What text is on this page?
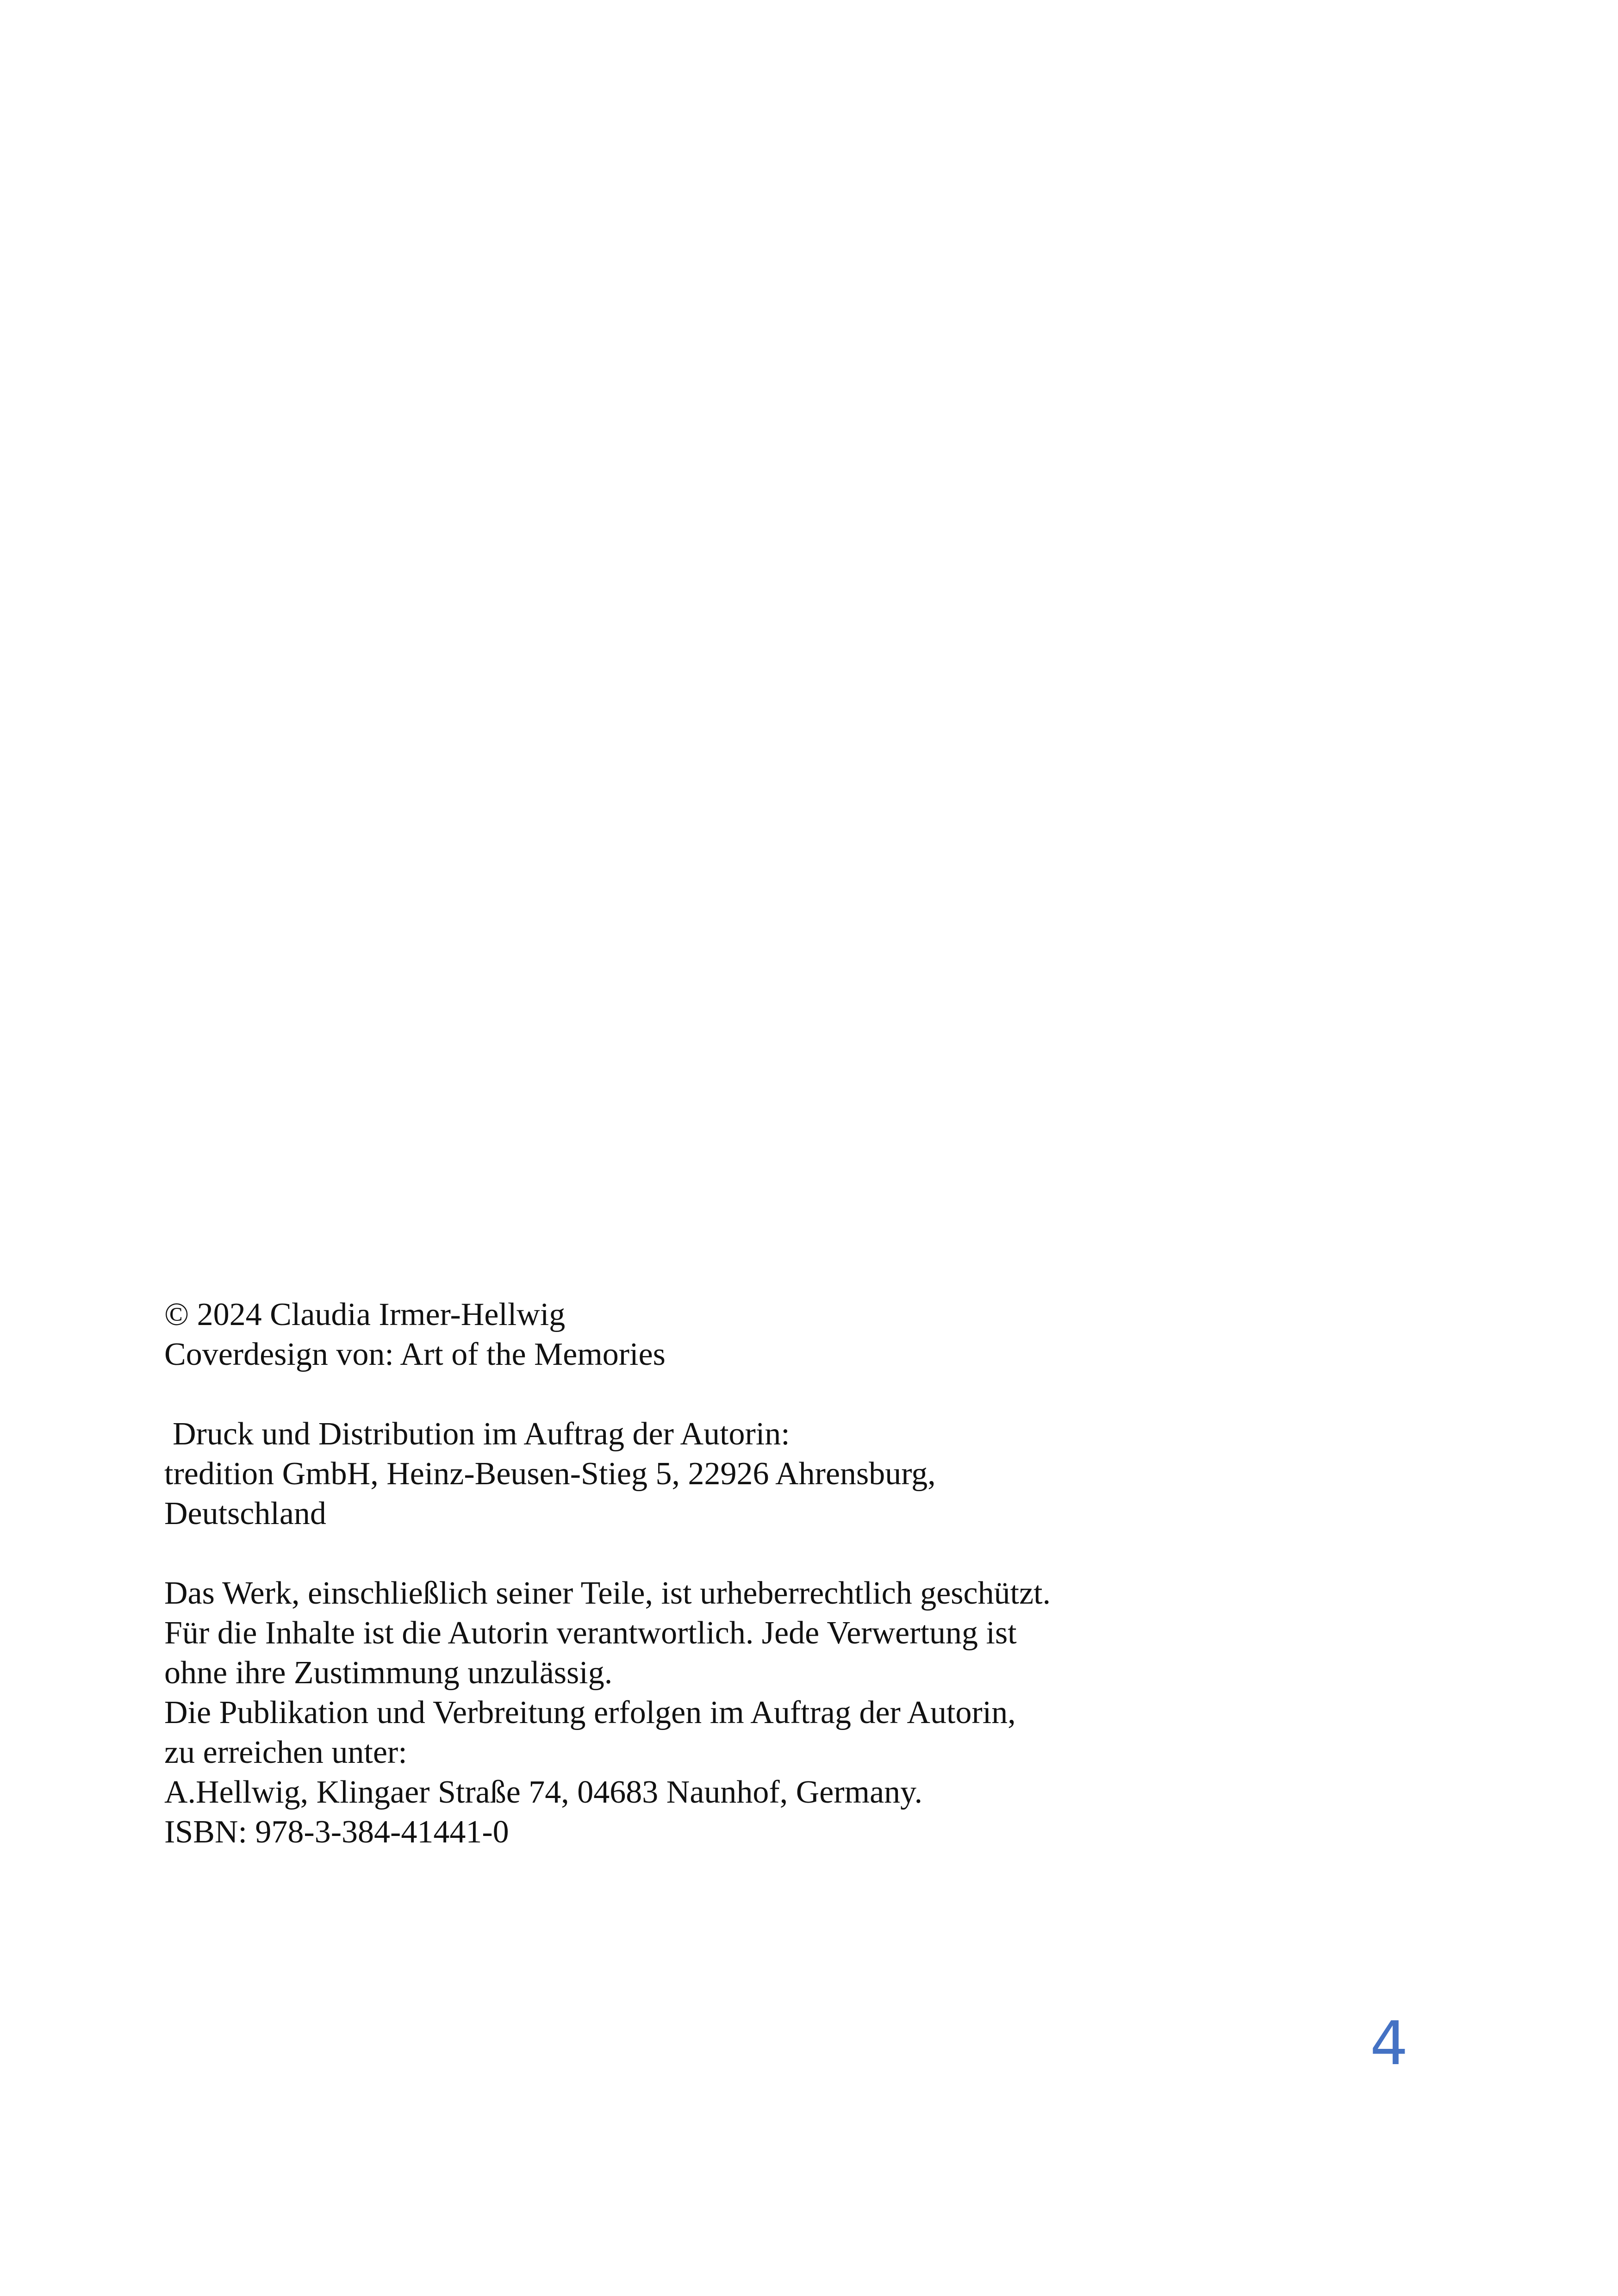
© 2024 Claudia Irmer-Hellwig
Coverdesign von: Art of the Memories
Druck und Distribution im Auftrag der Autorin:
tredition GmbH, Heinz-Beusen-Stieg 5, 22926 Ahrensburg,
Deutschland
Das Werk, einschließlich seiner Teile, ist urheberrechtlich geschützt.
Für die Inhalte ist die Autorin verantwortlich. Jede Verwertung ist
ohne ihre Zustimmung unzulässig.
Die Publikation und Verbreitung erfolgen im Auftrag der Autorin,
zu erreichen unter:
A.Hellwig, Klingaer Straße 74, 04683 Naunhof, Germany.
ISBN: 978-3-384-41441-0
4
